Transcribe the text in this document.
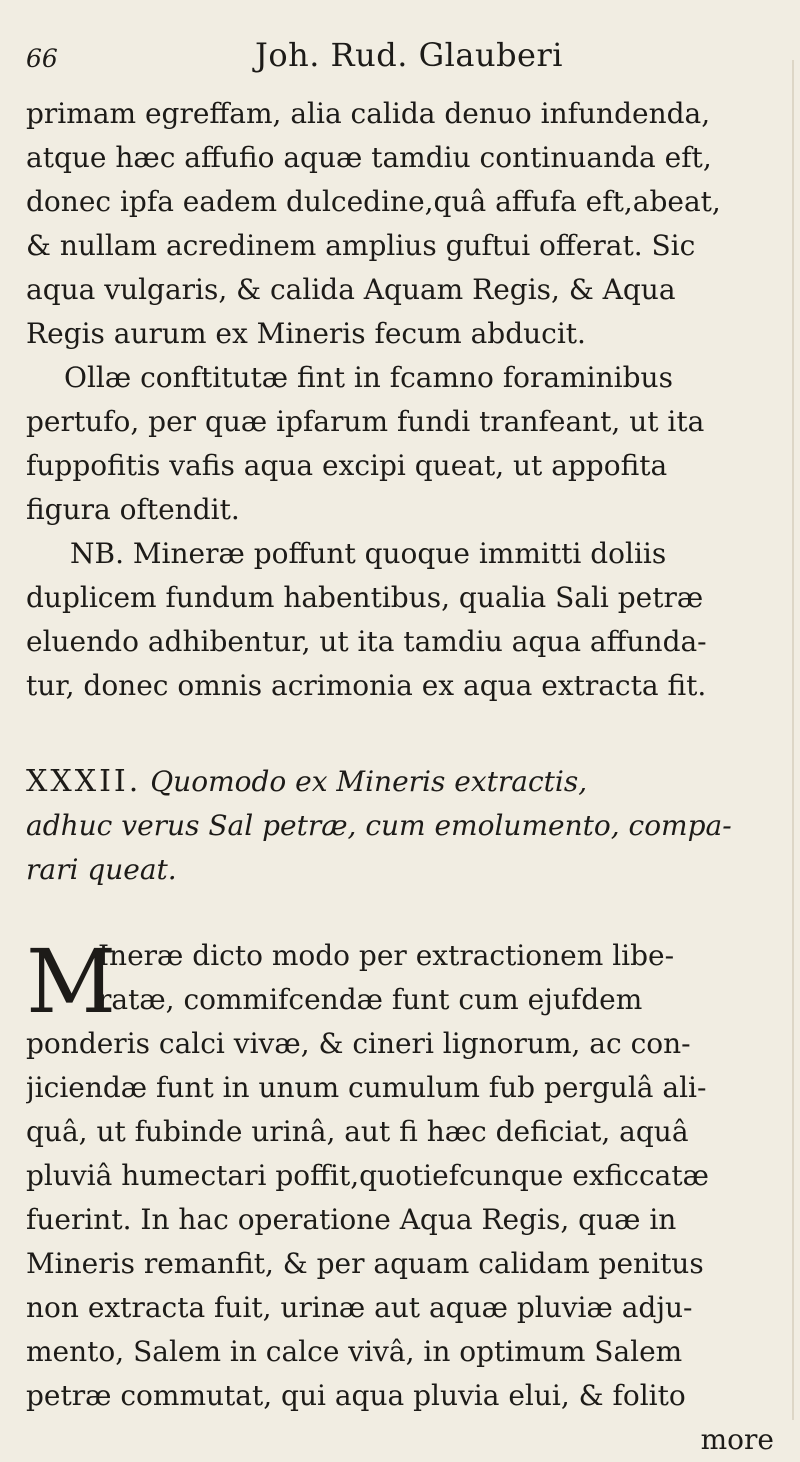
66	Joh. Rud. Glauberi
primam egreffam, alia calida denuo infundenda,
atque hæc affufio aquæ tamdiu continuanda eft,
donec ipfa eadem dulcedine,quâ affufa eft,abeat,
& nullam acredinem amplius guftui offerat. Sic
aqua vulgaris, & calida Aquam Regis, & Aqua
Regis aurum ex Mineris fecum abducit.
Ollæ conftitutæ fint in fcamno foraminibus
pertufo, per quæ ipfarum fundi tranfeant, ut ita
fuppofitis vafis aqua excipi queat, ut appofita
figura oftendit.
NB. Mineræ poffunt quoque immitti doliis
duplicem fundum habentibus, qualia Sali petræ
eluendo adhibentur, ut ita tamdiu aqua affunda-
tur, donec omnis acrimonia ex aqua extracta fit.
XXXII. Quomodo ex Mineris extractis,
adhuc verus Sal petræ, cum emolumento, compa-
rari queat.
M
Ineræ dicto modo per extractionem libe-
ratæ, commifcendæ funt cum ejufdem
ponderis calci vivæ, & cineri lignorum, ac con-
jiciendæ funt in unum cumulum fub pergulâ ali-
quâ, ut fubinde urinâ, aut fi hæc deficiat, aquâ
pluviâ humectari poffit,quotiefcunque exficcatæ
fuerint. In hac operatione Aqua Regis, quæ in
Mineris remanfit, & per aquam calidam penitus
non extracta fuit, urinæ aut aquæ pluviæ adju-
mento, Salem in calce vivâ, in optimum Salem
petræ commutat, qui aqua pluvia elui, & folito
more
